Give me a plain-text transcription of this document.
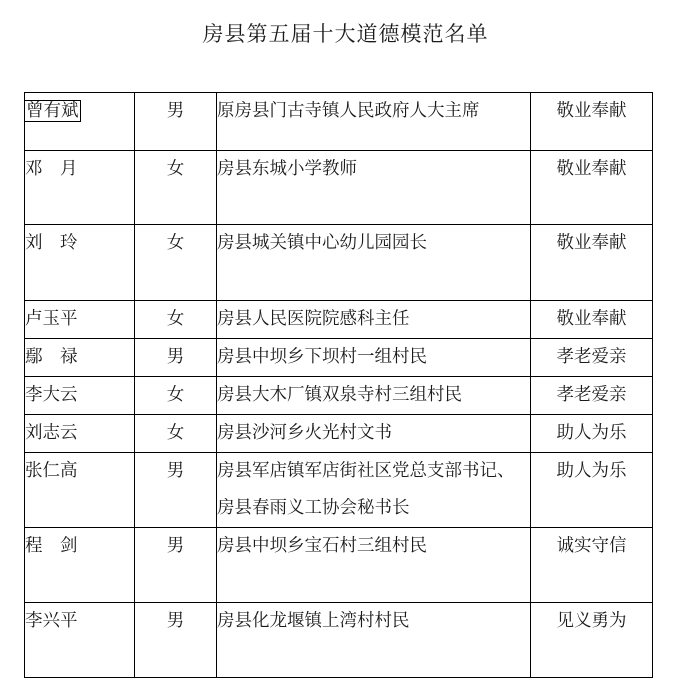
房县第五届十大道德模范名单
曾有斌	男	原房县门古寺镇人民政府人大主席	敬业奉献
邓　月	女	房县东城小学教师	敬业奉献
刘　玲	女	房县城关镇中心幼儿园园长	敬业奉献
卢玉平	女	房县人民医院院感科主任	敬业奉献
鄢　禄	男	房县中坝乡下坝村一组村民	孝老爱亲
李大云	女	房县大木厂镇双泉寺村三组村民	孝老爱亲
刘志云	女	房县沙河乡火光村文书	助人为乐
张仁高	男	房县军店镇军店街社区党总支部书记、房县春雨义工协会秘书长	助人为乐
程　剑	男	房县中坝乡宝石村三组村民	诚实守信
李兴平	男	房县化龙堰镇上湾村村民	见义勇为
